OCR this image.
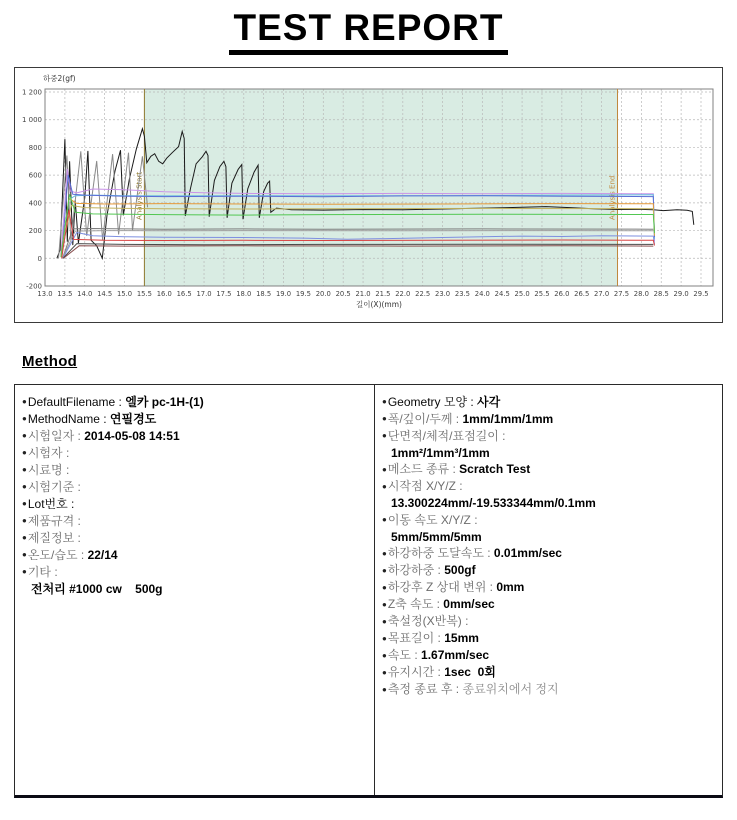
TEST REPORT
Analysis Start	Analysis End
1 200
1 000
800
600
400
200
0
-200
13.0 13.5 14.0 14.5 15.0 15.5 16.0 16.5 17.0 17.5 18.0 18.5 19.0 19.5 20.0 20.5 21.0 21.5 22.0 22.5 23.0 23.5 24.0 24.5 25.0 25.5 26.0 26.5 27.0 27.5 28.0 28.5 29.0 29.5
하중2(gf)
길이(X)(mm)
Method
●DefaultFilename : 엘카 pc-1H-(1)
●MethodName : 연필경도
●시험일자 : 2014-05-08 14:51
●시험자 :
●시료명 :
●시험기준 :
●Lot번호 :
●제품규격 :
●제질정보 :
●온도/습도 : 22/14
●기타 :
전처리 #1000 cw    500g
●Geometry 모양 : 사각
●폭/깊이/두께 : 1mm/1mm/1mm
●단면적/체적/표점길이 :
1mm²/1mm³/1mm
●메소드 종류 : Scratch Test
●시작점 X/Y/Z :
13.300224mm/-19.533344mm/0.1mm
●이동 속도 X/Y/Z :
5mm/5mm/5mm
●하강하중 도달속도 : 0.01mm/sec
●하강하중 : 500gf
●하강후 Z 상대 변위 : 0mm
●Z축 속도 : 0mm/sec
●축설정(X반복) :
●목표길이 : 15mm
●속도 : 1.67mm/sec
●유지시간 : 1sec  0회
●측정 종료 후 : 종료위치에서 정지
